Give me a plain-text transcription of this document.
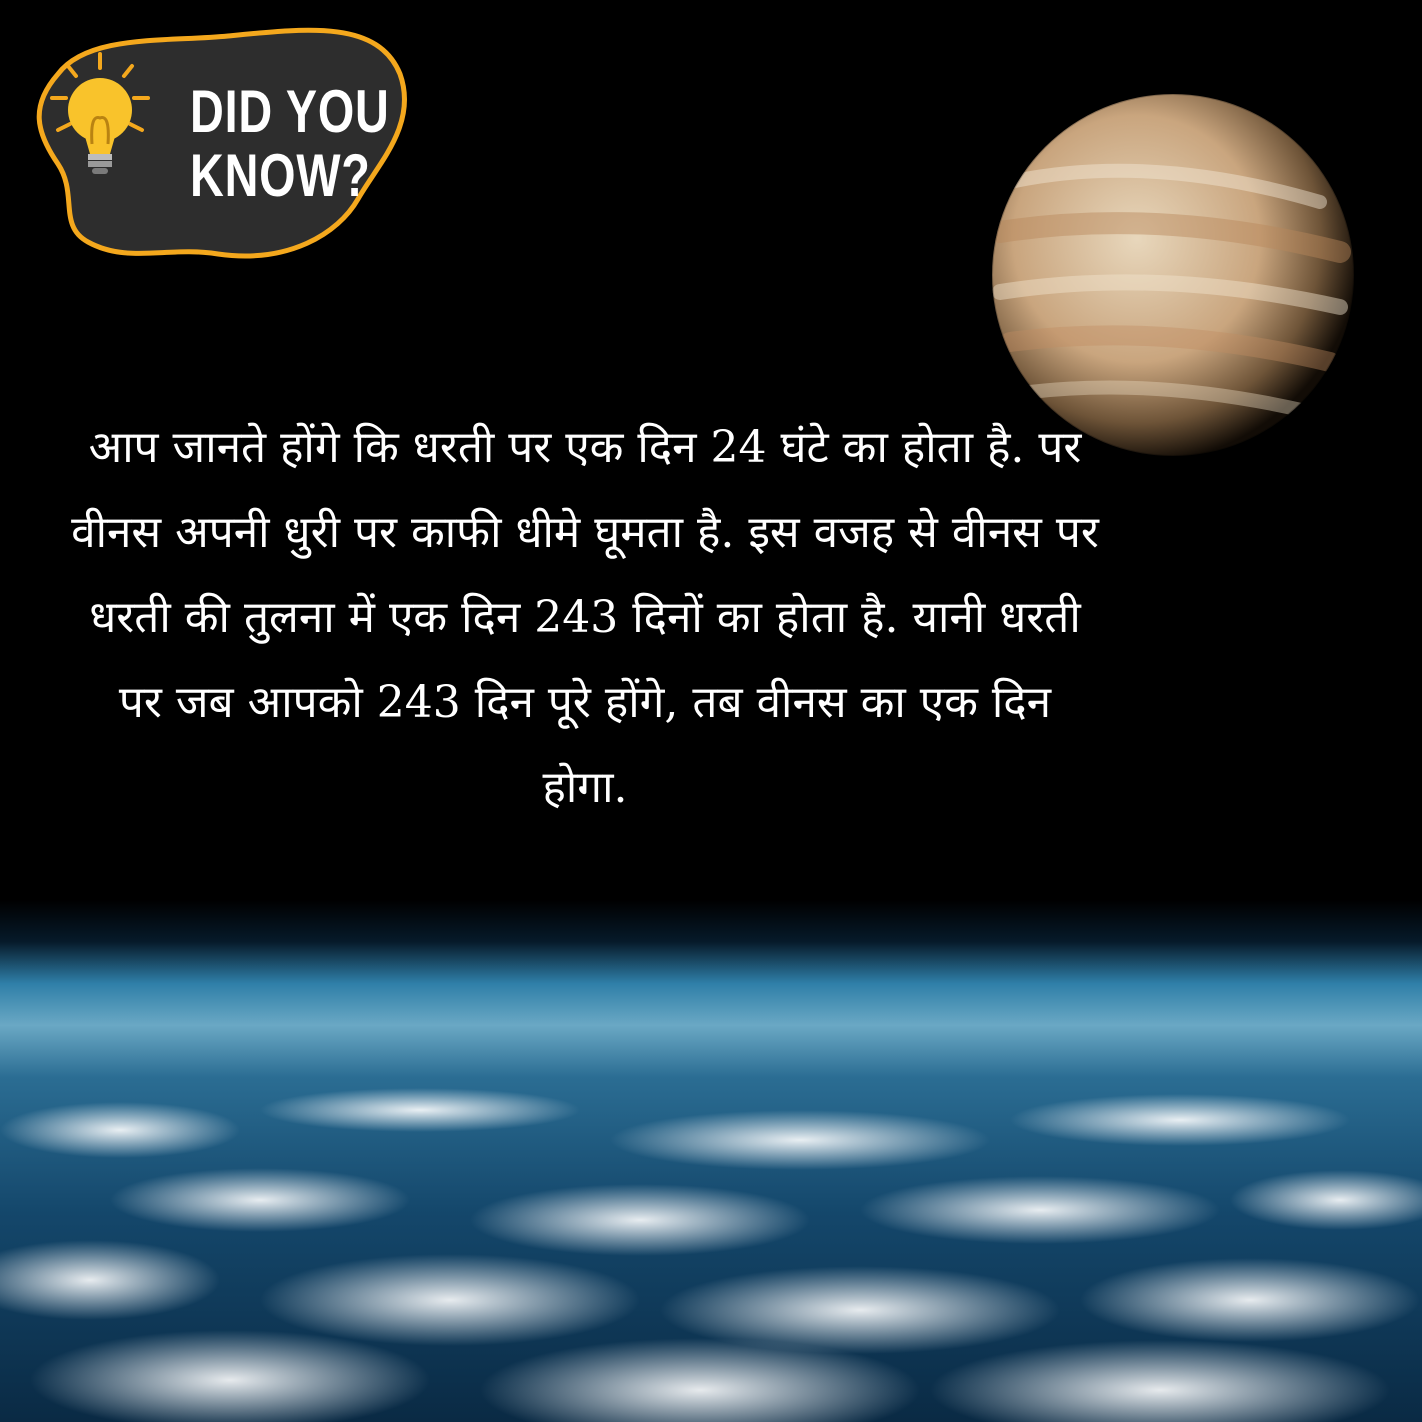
DID YOU
KNOW?
आप जानते होंगे कि धरती पर एक दिन 24 घंटे का होता है. पर वीनस अपनी धुरी पर काफी धीमे घूमता है. इस वजह से वीनस पर धरती की तुलना में एक दिन 243 दिनों का होता है. यानी धरती पर जब आपको 243 दिन पूरे होंगे, तब वीनस का एक दिन होगा.
